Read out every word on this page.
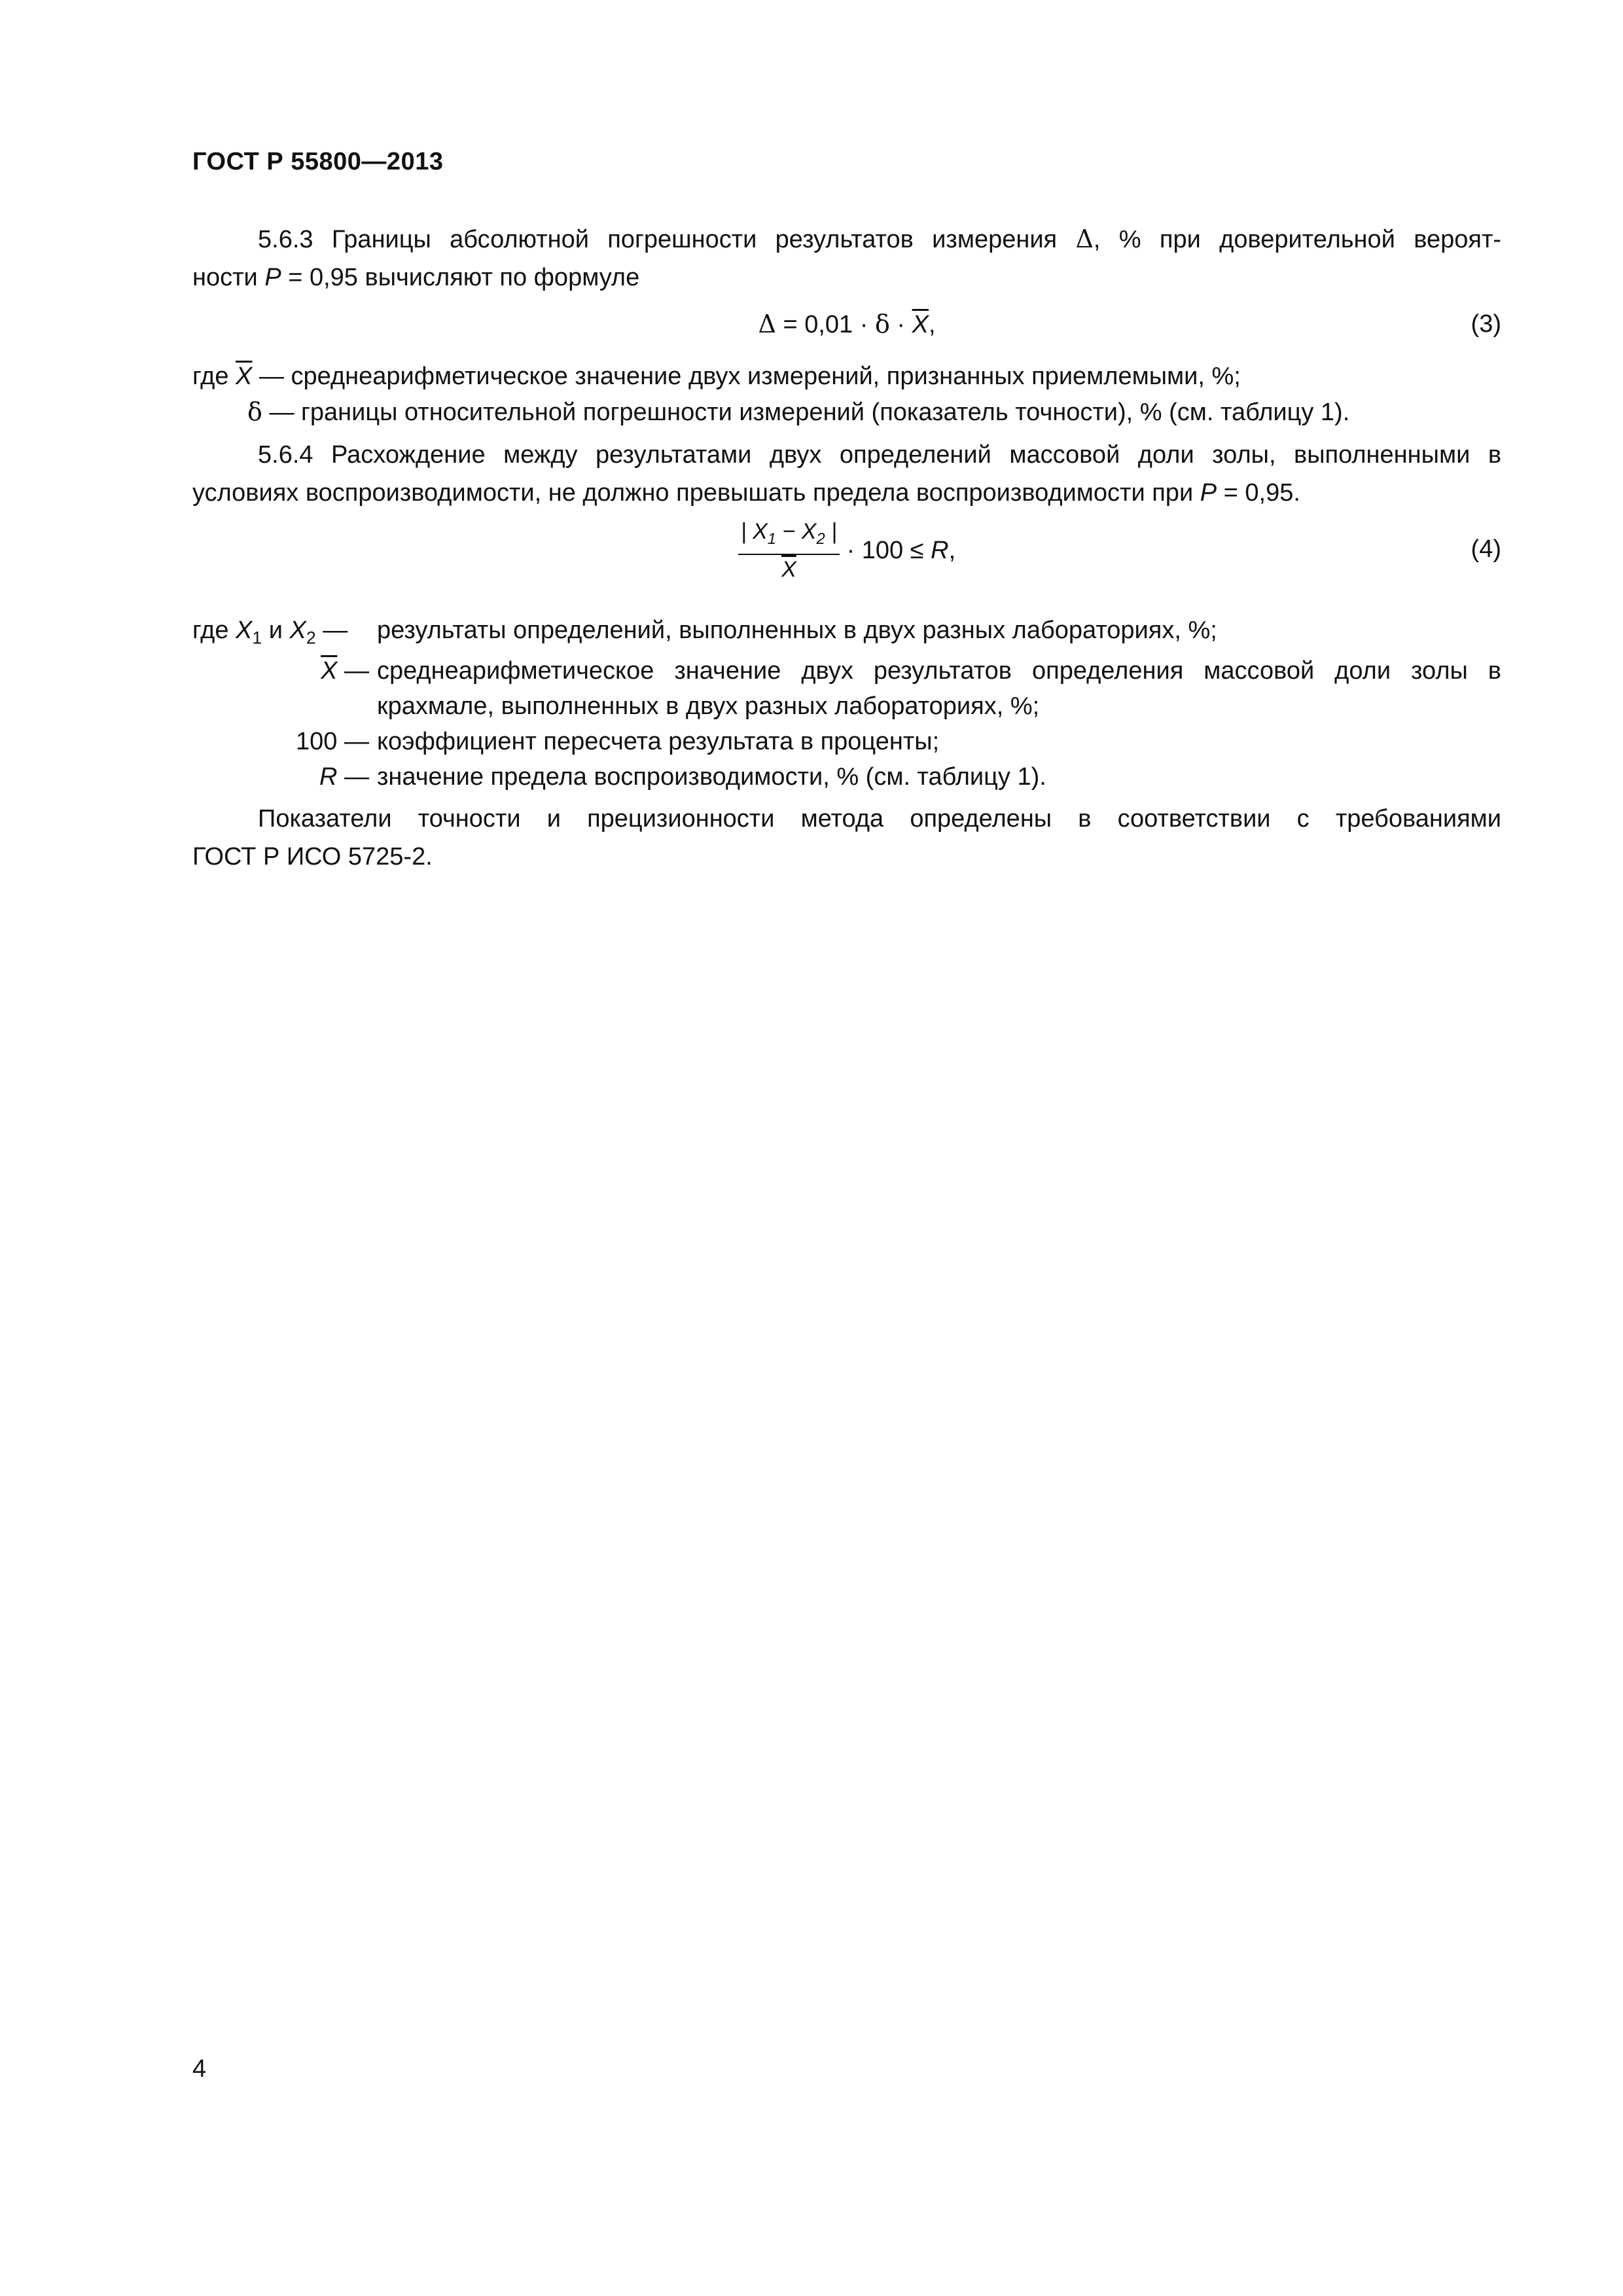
ГОСТ Р 55800—2013
5.6.3 Границы абсолютной погрешности результатов измерения Δ, % при доверительной вероят-
ности P = 0,95 вычисляют по формуле
$\Delta = 0,01 \cdot \delta \cdot \overline{X}$,	(3)
где $\overline{X}$ — среднеарифметическое значение двух измерений, признанных приемлемыми, %;
δ — границы относительной погрешности измерений (показатель точности), % (см. таблицу 1).
5.6.4 Расхождение между результатами двух определений массовой доли золы, выполненными в
условиях воспроизводимости, не должно превышать предела воспроизводимости при P = 0,95.
$\frac{| X_1 - X_2 |}{X} \cdot 100 \le R$,	(4)
где $X_1$ и $X_2$ —	результаты определений, выполненных в двух разных лабораториях, %;
$\overline{X}$ — среднеарифметическое значение двух результатов определения массовой доли золы в
крахмале, выполненных в двух разных лабораториях, %;
100 — коэффициент пересчета результата в проценты;
R — значение предела воспроизводимости, % (см. таблицу 1).
Показатели точности и прецизионности метода определены в соответствии с требованиями
ГОСТ Р ИСО 5725-2.
4
